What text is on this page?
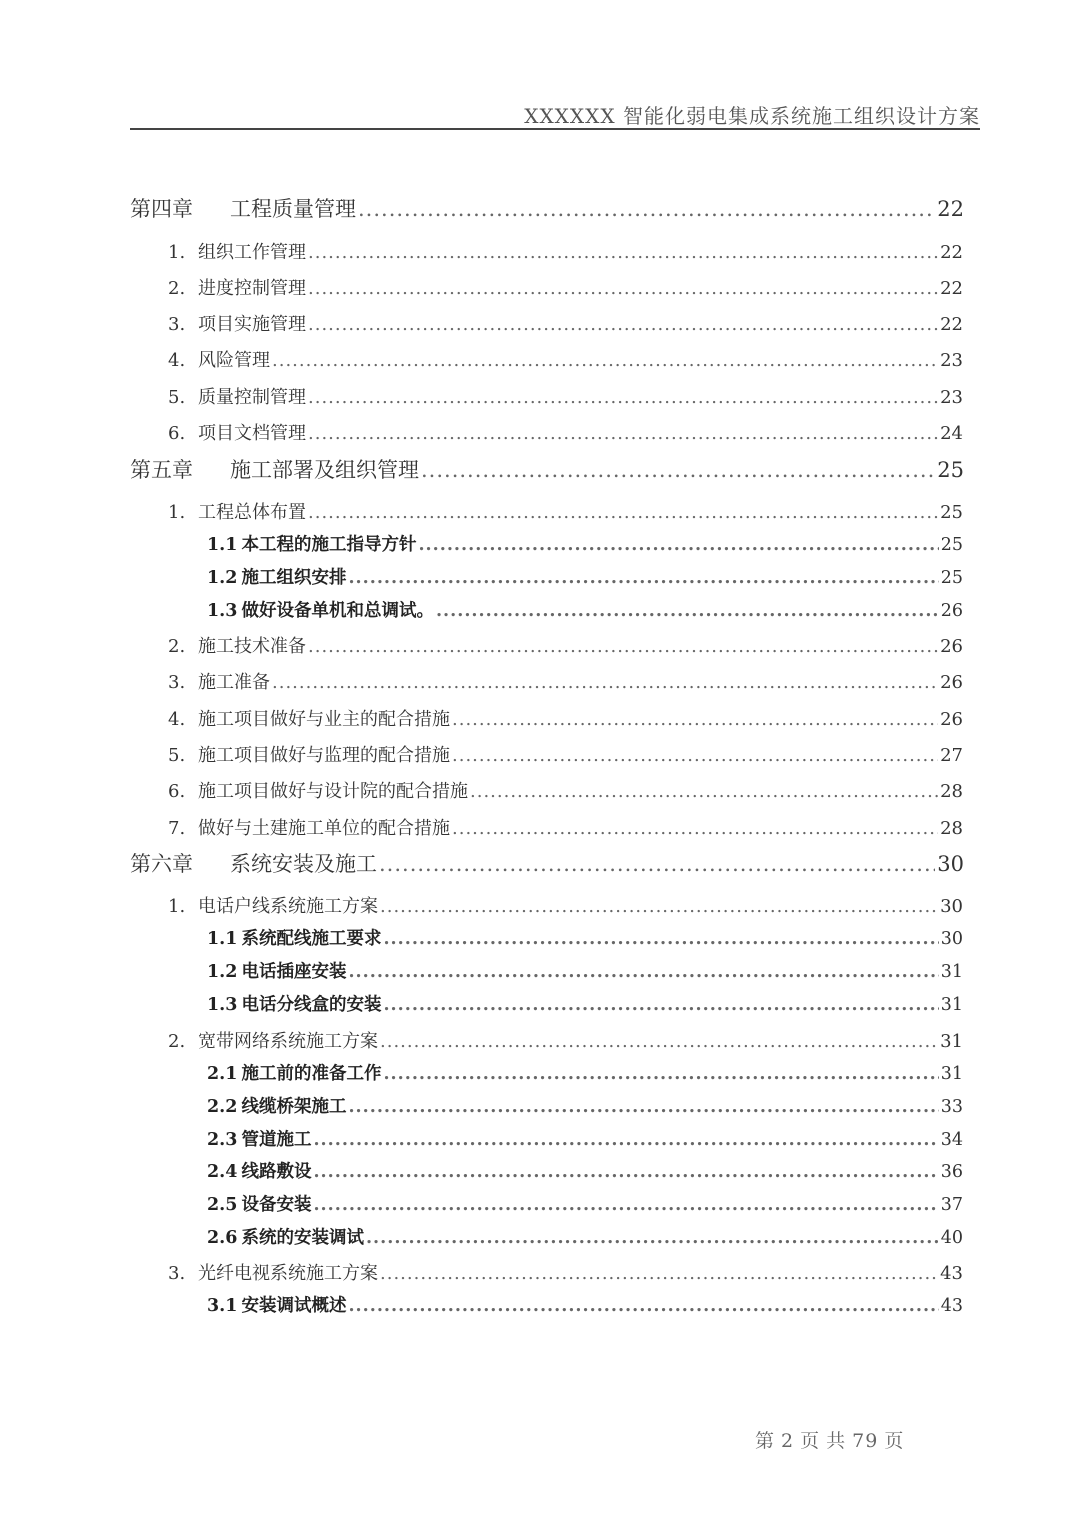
XXXXXX 智能化弱电集成系统施工组织设计方案
第四章 工程质量管理 .....	22
1. 组织工作管理 .....	22
2. 进度控制管理 .....	22
3. 项目实施管理 .....	22
4. 风险管理 .....	23
5. 质量控制管理 .....	23
6. 项目文档管理 .....	24
第五章 施工部署及组织管理 .....	25
1. 工程总体布置 .....	25
1.1 本工程的施工指导方针 .....	25
1.2 施工组织安排 .....	25
1.3 做好设备单机和总调试。 .....	26
2. 施工技术准备 .....	26
3. 施工准备 .....	26
4. 施工项目做好与业主的配合措施 .....	26
5. 施工项目做好与监理的配合措施 .....	27
6. 施工项目做好与设计院的配合措施 .....	28
7. 做好与土建施工单位的配合措施 .....	28
第六章 系统安装及施工 .....	30
1. 电话户线系统施工方案 .....	30
1.1 系统配线施工要求 .....	30
1.2 电话插座安装 .....	31
1.3 电话分线盒的安装 .....	31
2. 宽带网络系统施工方案 .....	31
2.1 施工前的准备工作 .....	31
2.2 线缆桥架施工 .....	33
2.3 管道施工 .....	34
2.4 线路敷设 .....	36
2.5 设备安装 .....	37
2.6 系统的安装调试 .....	40
3. 光纤电视系统施工方案 .....	43
3.1 安装调试概述 .....	43
第 2 页 共 79 页
